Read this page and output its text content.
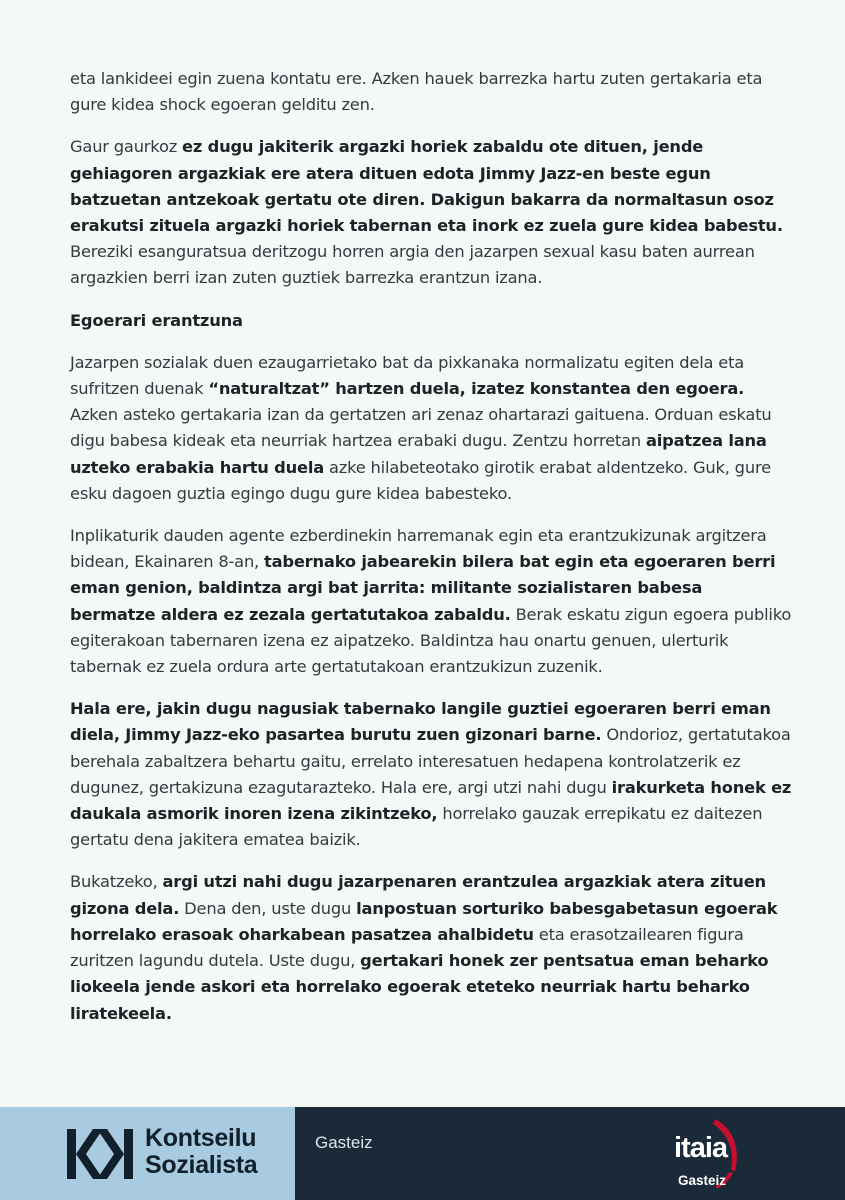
eta lankideei egin zuena kontatu ere. Azken hauek barrezka hartu zuten gertakaria eta gure kidea shock egoeran gelditu zen.

Gaur gaurkoz ez dugu jakiterik argazki horiek zabaldu ote dituen, jende gehiagoren argazkiak ere atera dituen edota Jimmy Jazz-en beste egun batzuetan antzekoak gertatu ote diren. Dakigun bakarra da normaltasun osoz erakutsi zituela argazki horiek tabernan eta inork ez zuela gure kidea babestu. Bereziki esanguratsua deritzogu horren argia den jazarpen sexual kasu baten aurrean argazkien berri izan zuten guztiek barrezka erantzun izana.

Egoerari erantzuna

Jazarpen sozialak duen ezaugarrietako bat da pixkanaka normalizatu egiten dela eta sufritzen duenak “naturaltzat” hartzen duela, izatez konstantea den egoera. Azken asteko gertakaria izan da gertatzen ari zenaz ohartarazi gaituena. Orduan eskatu digu babesa kideak eta neurriak hartzea erabaki dugu. Zentzu horretan aipatzea lana uzteko erabakia hartu duela azke hilabeteotako girotik erabat aldentzeko. Guk, gure esku dagoen guztia egingo dugu gure kidea babesteko.

Inplikaturik dauden agente ezberdinekin harremanak egin eta erantzukizunak argitzera bidean, Ekainaren 8-an, tabernako jabearekin bilera bat egin eta egoeraren berri eman genion, baldintza argi bat jarrita: militante sozialistaren babesa bermatze aldera ez zezala gertatutakoa zabaldu. Berak eskatu zigun egoera publiko egiterakoan tabernaren izena ez aipatzeko. Baldintza hau onartu genuen, ulerturik tabernak ez zuela ordura arte gertatutakoan erantzukizun zuzenik.

Hala ere, jakin dugu nagusiak tabernako langile guztiei egoeraren berri eman diela, Jimmy Jazz-eko pasartea burutu zuen gizonari barne. Ondorioz, gertatutakoa berehala zabaltzera behartu gaitu, errelato interesatuen hedapena kontrolatzerik ez dugunez, gertakizuna ezagutarazteko. Hala ere, argi utzi nahi dugu irakurketa honek ez daukala asmorik inoren izena zikintzeko, horrelako gauzak errepikatu ez daitezen gertatu dena jakitera ematea baizik.

Bukatzeko, argi utzi nahi dugu jazarpenaren erantzulea argazkiak atera zituen gizona dela. Dena den, uste dugu lanpostuan sorturiko babesgabetasun egoerak horrelako erasoak oharkabean pasatzea ahalbidetu eta erasotzailearen figura zuritzen lagundu dutela. Uste dugu, gertakari honek zer pentsatua eman beharko liokeela jende askori eta horrelako egoerak eteteko neurriak hartu beharko liratekeela.

Kontseilu
Sozialista
Gasteiz	itaia
Gasteiz
